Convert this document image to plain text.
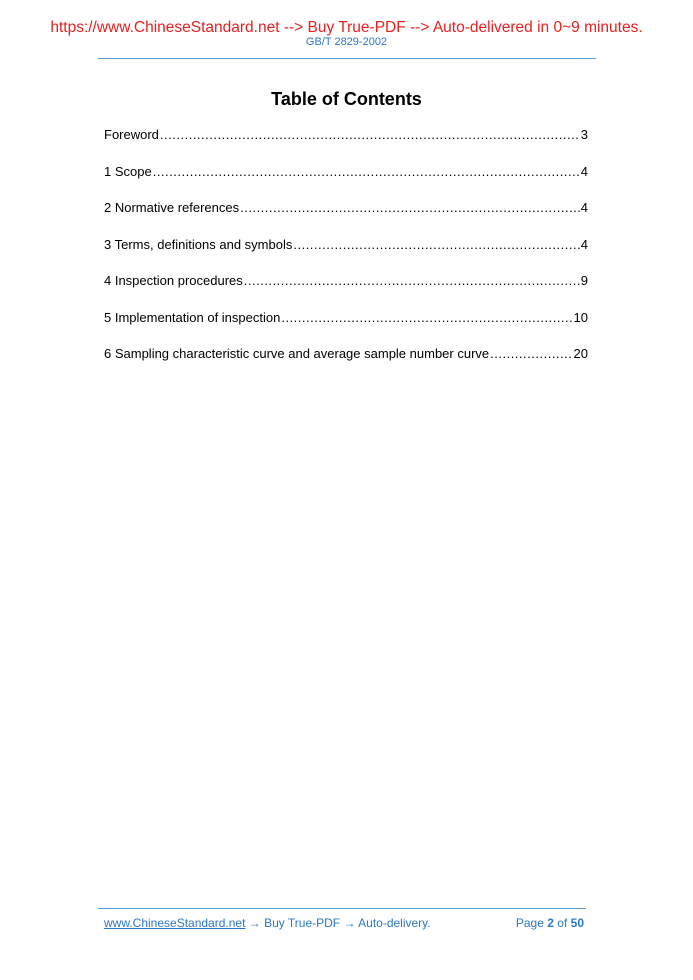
https://www.ChineseStandard.net --> Buy True-PDF --> Auto-delivered in 0~9 minutes.
GB/T 2829-2002
Table of Contents
Foreword .....	3
1 Scope .....	4
2 Normative references .....	4
3 Terms, definitions and symbols .....	4
4 Inspection procedures .....	9
5 Implementation of inspection .....	10
6 Sampling characteristic curve and average sample number curve .....	20
www.ChineseStandard.net → Buy True-PDF → Auto-delivery.	Page 2 of 50
